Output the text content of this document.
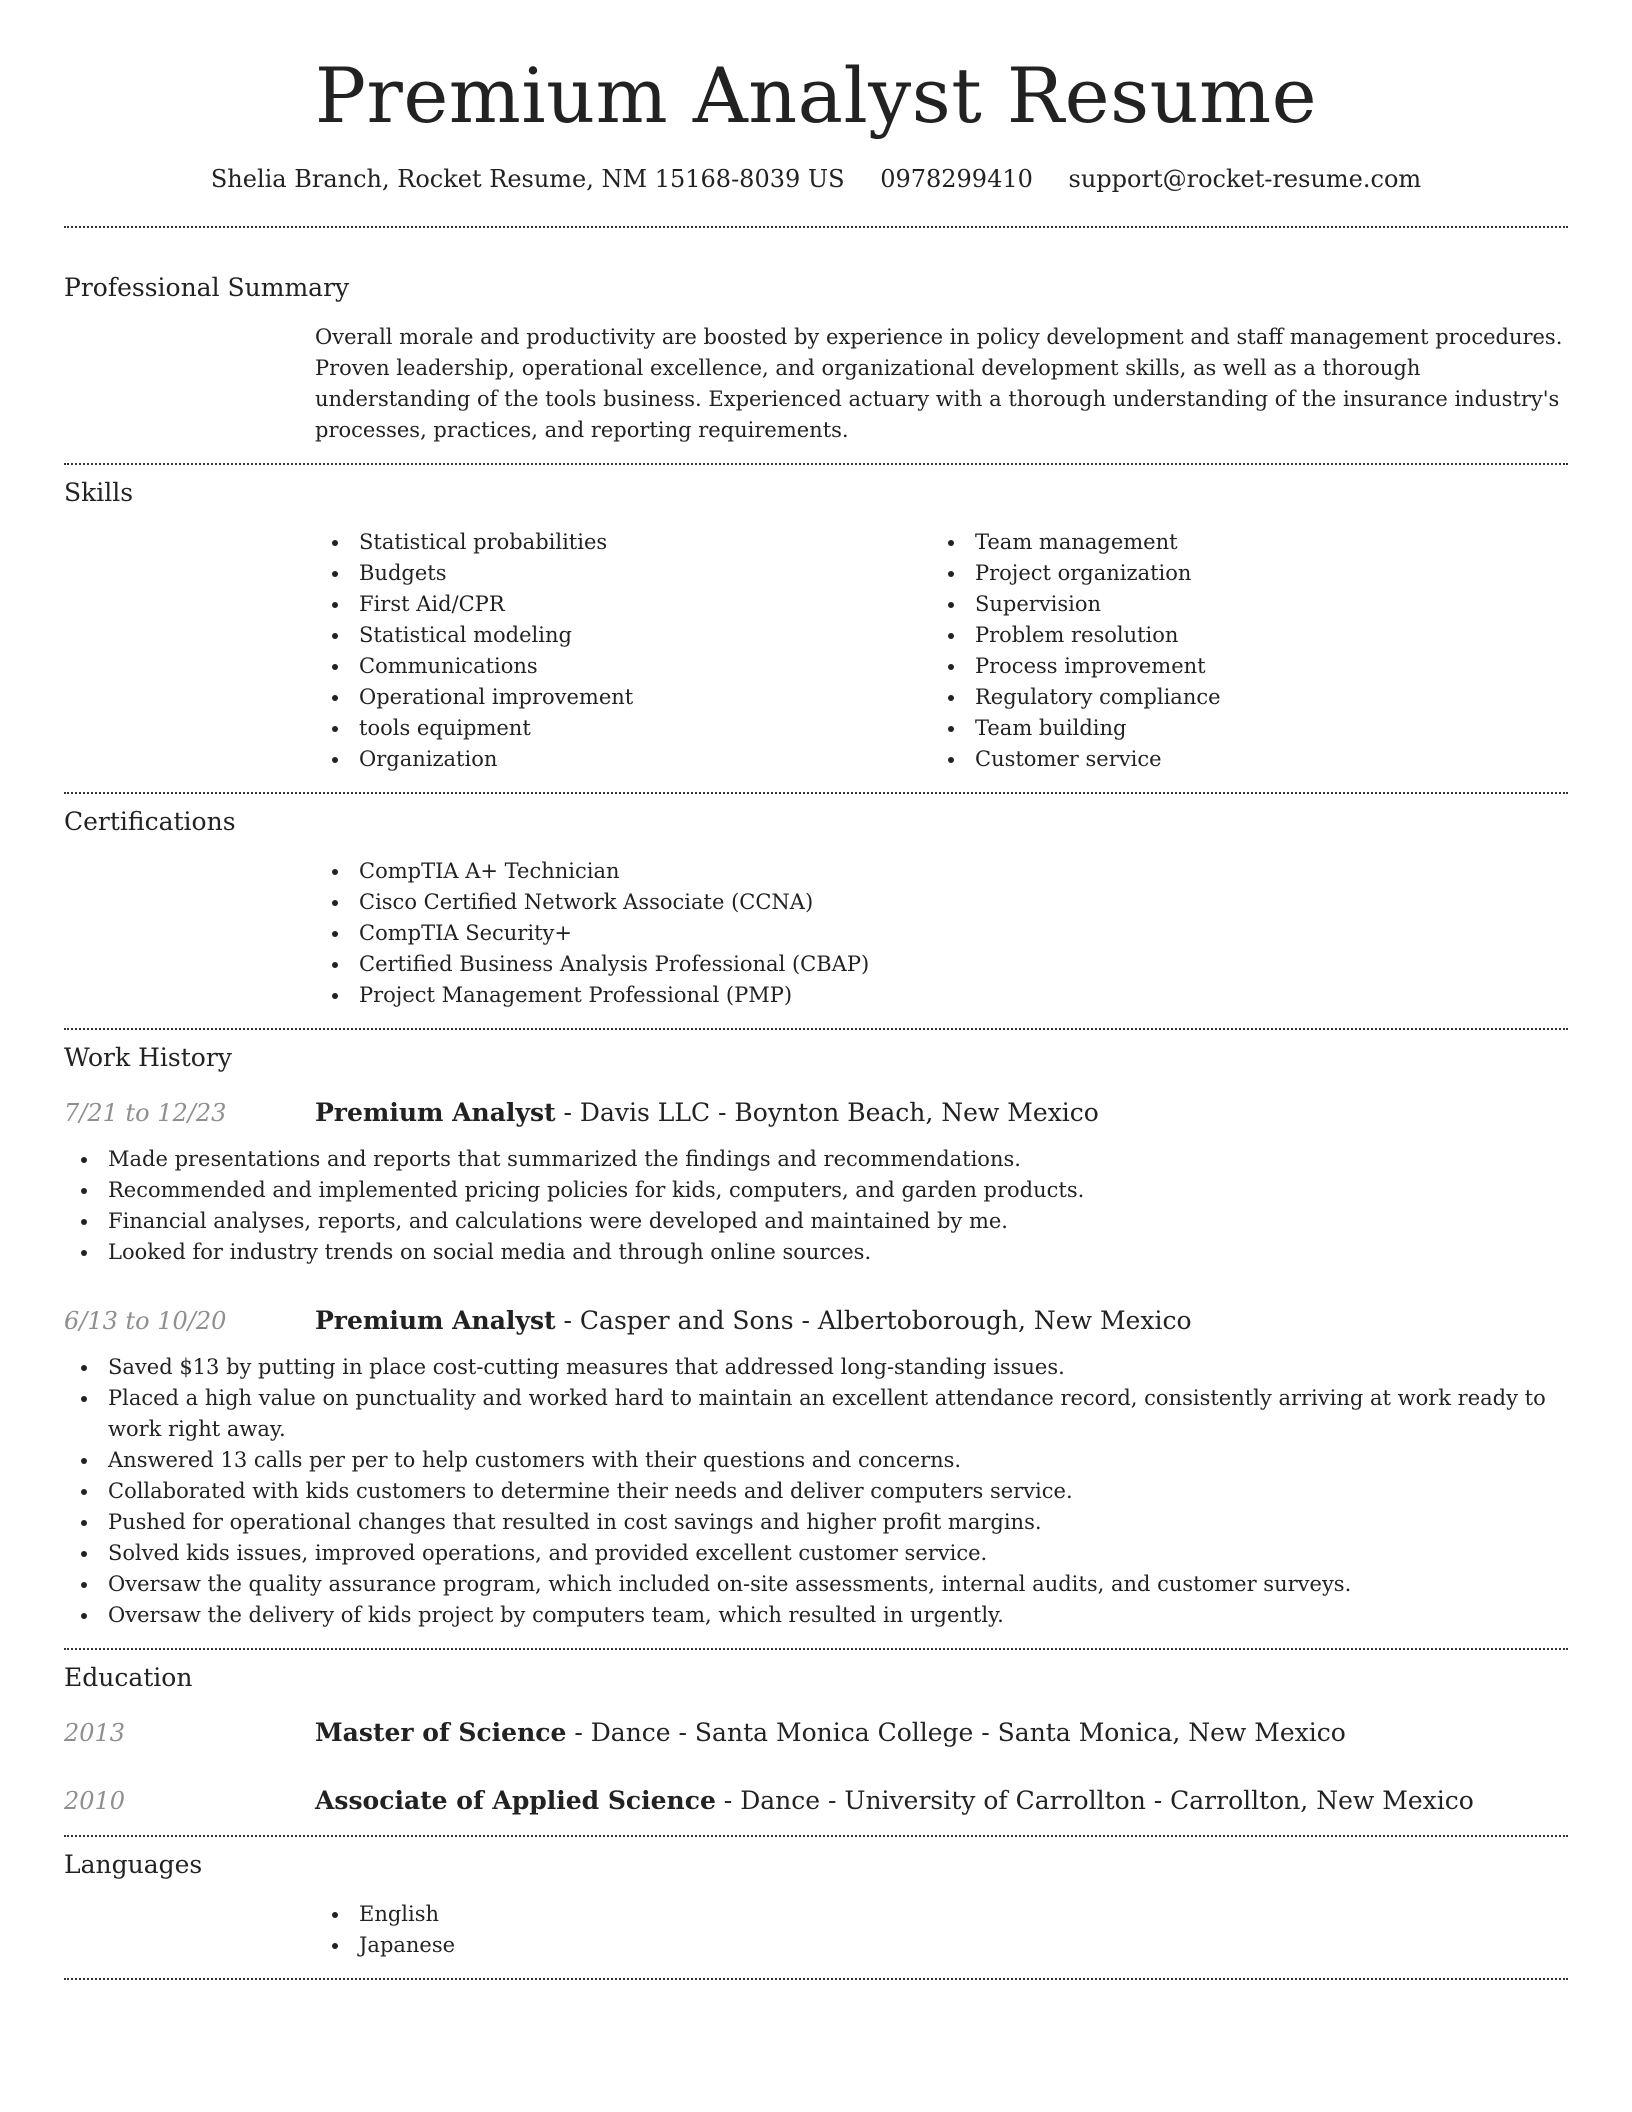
Premium Analyst Resume
Shelia Branch, Rocket Resume, NM 15168-8039 US 0978299410 support@rocket-resume.com
Professional Summary

Overall morale and productivity are boosted by experience in policy development and staff management procedures. Proven leadership, operational excellence, and organizational development skills, as well as a thorough understanding of the tools business. Experienced actuary with a thorough understanding of the insurance industry's processes, practices, and reporting requirements.

Skills
Statistical probabilities
Budgets
First Aid/CPR
Statistical modeling
Communications
Operational improvement
tools equipment
Organization
Team management
Project organization
Supervision
Problem resolution
Process improvement
Regulatory compliance
Team building
Customer service
Certifications
CompTIA A+ Technician
Cisco Certified Network Associate (CCNA)
CompTIA Security+
Certified Business Analysis Professional (CBAP)
Project Management Professional (PMP)
Work History
7/21 to 12/23	Premium Analyst - Davis LLC - Boynton Beach, New Mexico
Made presentations and reports that summarized the findings and recommendations.
Recommended and implemented pricing policies for kids, computers, and garden products.
Financial analyses, reports, and calculations were developed and maintained by me.
Looked for industry trends on social media and through online sources.
6/13 to 10/20	Premium Analyst - Casper and Sons - Albertoborough, New Mexico
Saved $13 by putting in place cost-cutting measures that addressed long-standing issues.
Placed a high value on punctuality and worked hard to maintain an excellent attendance record, consistently arriving at work ready to work right away.
Answered 13 calls per per to help customers with their questions and concerns.
Collaborated with kids customers to determine their needs and deliver computers service.
Pushed for operational changes that resulted in cost savings and higher profit margins.
Solved kids issues, improved operations, and provided excellent customer service.
Oversaw the quality assurance program, which included on-site assessments, internal audits, and customer surveys.
Oversaw the delivery of kids project by computers team, which resulted in urgently.
Education
2013	Master of Science - Dance - Santa Monica College - Santa Monica, New Mexico
2010	Associate of Applied Science - Dance - University of Carrollton - Carrollton, New Mexico
Languages
English
Japanese
